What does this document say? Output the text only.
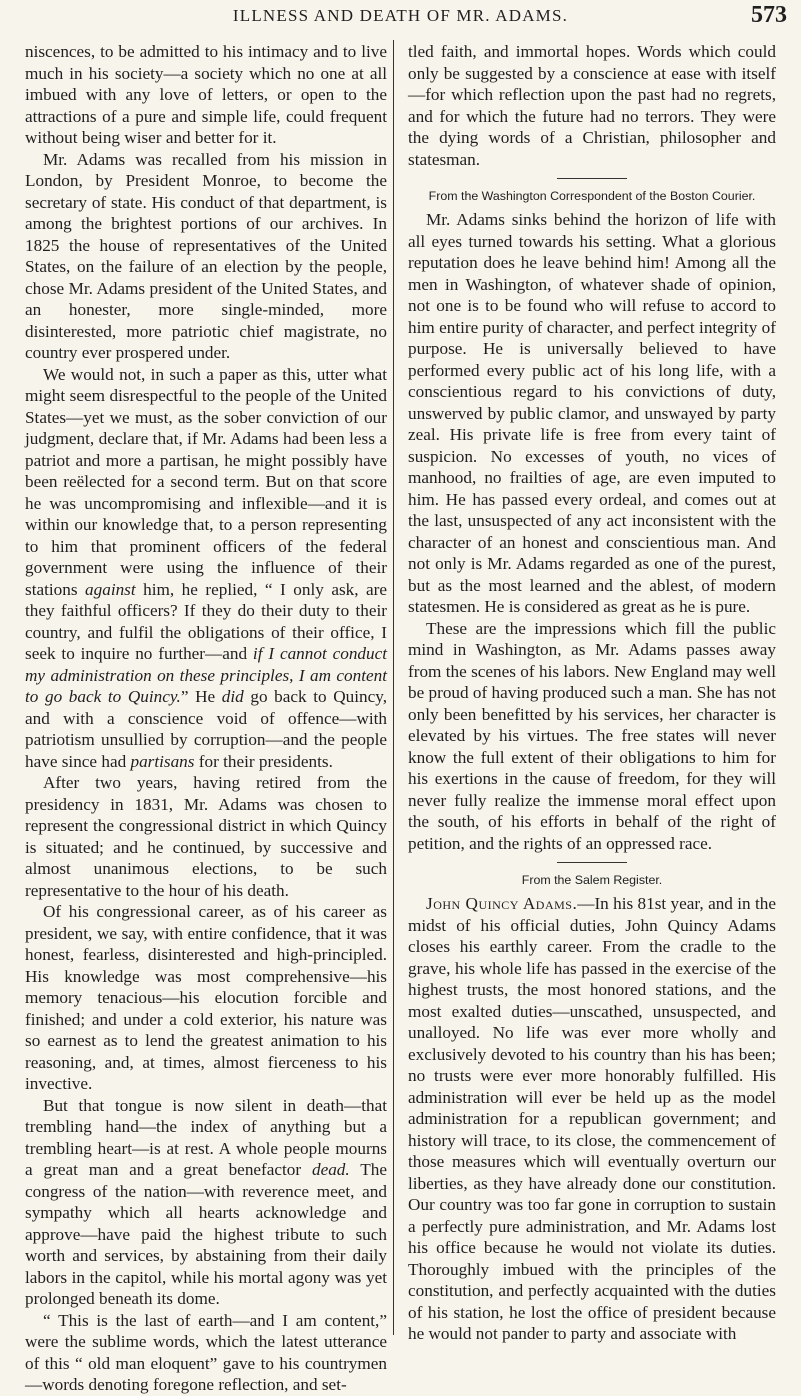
ILLNESS AND DEATH OF MR. ADAMS.	573

niscences, to be admitted to his intimacy and to live much in his society—a society which no one at all imbued with any love of letters, or open to the attractions of a pure and simple life, could frequent without being wiser and better for it.

Mr. Adams was recalled from his mission in London, by President Monroe, to become the secretary of state. His conduct of that department, is among the brightest portions of our archives. In 1825 the house of representatives of the United States, on the failure of an election by the people, chose Mr. Adams president of the United States, and an honester, more single-minded, more disinterested, more patriotic chief magistrate, no country ever prospered under.

We would not, in such a paper as this, utter what might seem disrespectful to the people of the United States—yet we must, as the sober conviction of our judgment, declare that, if Mr. Adams had been less a patriot and more a partisan, he might possibly have been reëlected for a second term. But on that score he was uncompromising and inflexible—and it is within our knowledge that, to a person representing to him that prominent officers of the federal government were using the influence of their stations against him, he replied, “ I only ask, are they faithful officers? If they do their duty to their country, and fulfil the obligations of their office, I seek to inquire no further—and if I cannot conduct my administration on these principles, I am content to go back to Quincy.” He did go back to Quincy, and with a conscience void of offence—with patriotism unsullied by corruption—and the people have since had partisans for their presidents.

After two years, having retired from the presidency in 1831, Mr. Adams was chosen to represent the congressional district in which Quincy is situated; and he continued, by successive and almost unanimous elections, to be such representative to the hour of his death.

Of his congressional career, as of his career as president, we say, with entire confidence, that it was honest, fearless, disinterested and high-principled. His knowledge was most comprehensive—his memory tenacious—his elocution forcible and finished; and under a cold exterior, his nature was so earnest as to lend the greatest animation to his reasoning, and, at times, almost fierceness to his invective.

But that tongue is now silent in death—that trembling hand—the index of anything but a trembling heart—is at rest. A whole people mourns a great man and a great benefactor dead. The congress of the nation—with reverence meet, and sympathy which all hearts acknowledge and approve—have paid the highest tribute to such worth and services, by abstaining from their daily labors in the capitol, while his mortal agony was yet prolonged beneath its dome.

“ This is the last of earth—and I am content,” were the sublime words, which the latest utterance of this “ old man eloquent” gave to his countrymen—words denoting foregone reflection, and set-

tled faith, and immortal hopes. Words which could only be suggested by a conscience at ease with itself—for which reflection upon the past had no regrets, and for which the future had no terrors. They were the dying words of a Christian, philosopher and statesman.

From the Washington Correspondent of the Boston Courier.

Mr. Adams sinks behind the horizon of life with all eyes turned towards his setting. What a glorious reputation does he leave behind him! Among all the men in Washington, of whatever shade of opinion, not one is to be found who will refuse to accord to him entire purity of character, and perfect integrity of purpose. He is universally believed to have performed every public act of his long life, with a conscientious regard to his convictions of duty, unswerved by public clamor, and unswayed by party zeal. His private life is free from every taint of suspicion. No excesses of youth, no vices of manhood, no frailties of age, are even imputed to him. He has passed every ordeal, and comes out at the last, unsuspected of any act inconsistent with the character of an honest and conscientious man. And not only is Mr. Adams regarded as one of the purest, but as the most learned and the ablest, of modern statesmen. He is considered as great as he is pure.

These are the impressions which fill the public mind in Washington, as Mr. Adams passes away from the scenes of his labors. New England may well be proud of having produced such a man. She has not only been benefitted by his services, her character is elevated by his virtues. The free states will never know the full extent of their obligations to him for his exertions in the cause of freedom, for they will never fully realize the immense moral effect upon the south, of his efforts in behalf of the right of petition, and the rights of an oppressed race.

From the Salem Register.

John Quincy Adams.—In his 81st year, and in the midst of his official duties, John Quincy Adams closes his earthly career. From the cradle to the grave, his whole life has passed in the exercise of the highest trusts, the most honored stations, and the most exalted duties—unscathed, unsuspected, and unalloyed. No life was ever more wholly and exclusively devoted to his country than his has been; no trusts were ever more honorably fulfilled. His administration will ever be held up as the model administration for a republican government; and history will trace, to its close, the commencement of those measures which will eventually overturn our liberties, as they have already done our constitution. Our country was too far gone in corruption to sustain a perfectly pure administration, and Mr. Adams lost his office because he would not violate its duties. Thoroughly imbued with the principles of the constitution, and perfectly acquainted with the duties of his station, he lost the office of president because he would not pander to party and associate with
